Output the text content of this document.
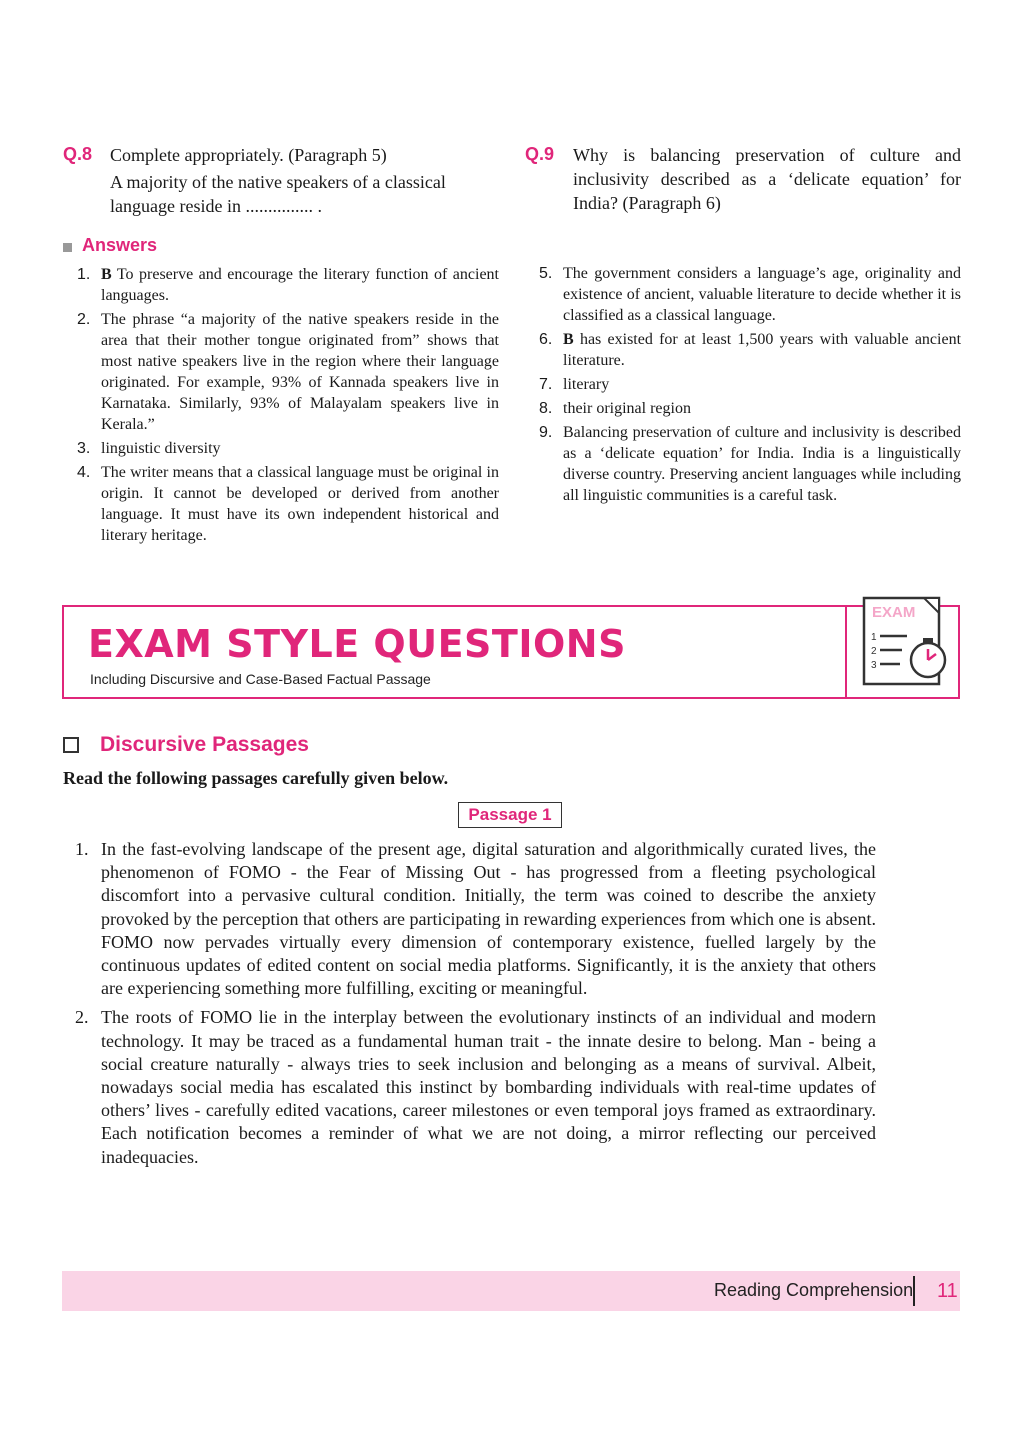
Q.8 Complete appropriately. (Paragraph 5)
A majority of the native speakers of a classical language reside in ............... .
Q.9 Why is balancing preservation of culture and inclusivity described as a ‘delicate equation’ for India? (Paragraph 6)
Answers
1. B To preserve and encourage the literary function of ancient languages.
2. The phrase “a majority of the native speakers reside in the area that their mother tongue originated from” shows that most native speakers live in the region where their language originated. For example, 93% of Kannada speakers live in Karnataka. Similarly, 93% of Malayalam speakers live in Kerala.”
3. linguistic diversity
4. The writer means that a classical language must be original in origin. It cannot be developed or derived from another language. It must have its own independent historical and literary heritage.
5. The government considers a language’s age, originality and existence of ancient, valuable literature to decide whether it is classified as a classical language.
6. B has existed for at least 1,500 years with valuable ancient literature.
7. literary
8. their original region
9. Balancing preservation of culture and inclusivity is described as a ‘delicate equation’ for India. India is a linguistically diverse country. Preserving ancient languages while including all linguistic communities is a careful task.
EXAM STYLE QUESTIONS
Including Discursive and Case-Based Factual Passage
EXAM
1
2
3
Discursive Passages
Read the following passages carefully given below.
Passage 1
1. In the fast-evolving landscape of the present age, digital saturation and algorithmically curated lives, the phenomenon of FOMO - the Fear of Missing Out - has progressed from a fleeting psychological discomfort into a pervasive cultural condition. Initially, the term was coined to describe the anxiety provoked by the perception that others are participating in rewarding experiences from which one is absent. FOMO now pervades virtually every dimension of contemporary existence, fuelled largely by the continuous updates of edited content on social media platforms. Significantly, it is the anxiety that others are experiencing something more fulfilling, exciting or meaningful.
2. The roots of FOMO lie in the interplay between the evolutionary instincts of an individual and modern technology. It may be traced as a fundamental human trait - the innate desire to belong. Man - being a social creature naturally - always tries to seek inclusion and belonging as a means of survival. Albeit, nowadays social media has escalated this instinct by bombarding individuals with real-time updates of others’ lives - carefully edited vacations, career milestones or even temporal joys framed as extraordinary. Each notification becomes a reminder of what we are not doing, a mirror reflecting our perceived inadequacies.
Reading Comprehension 11
